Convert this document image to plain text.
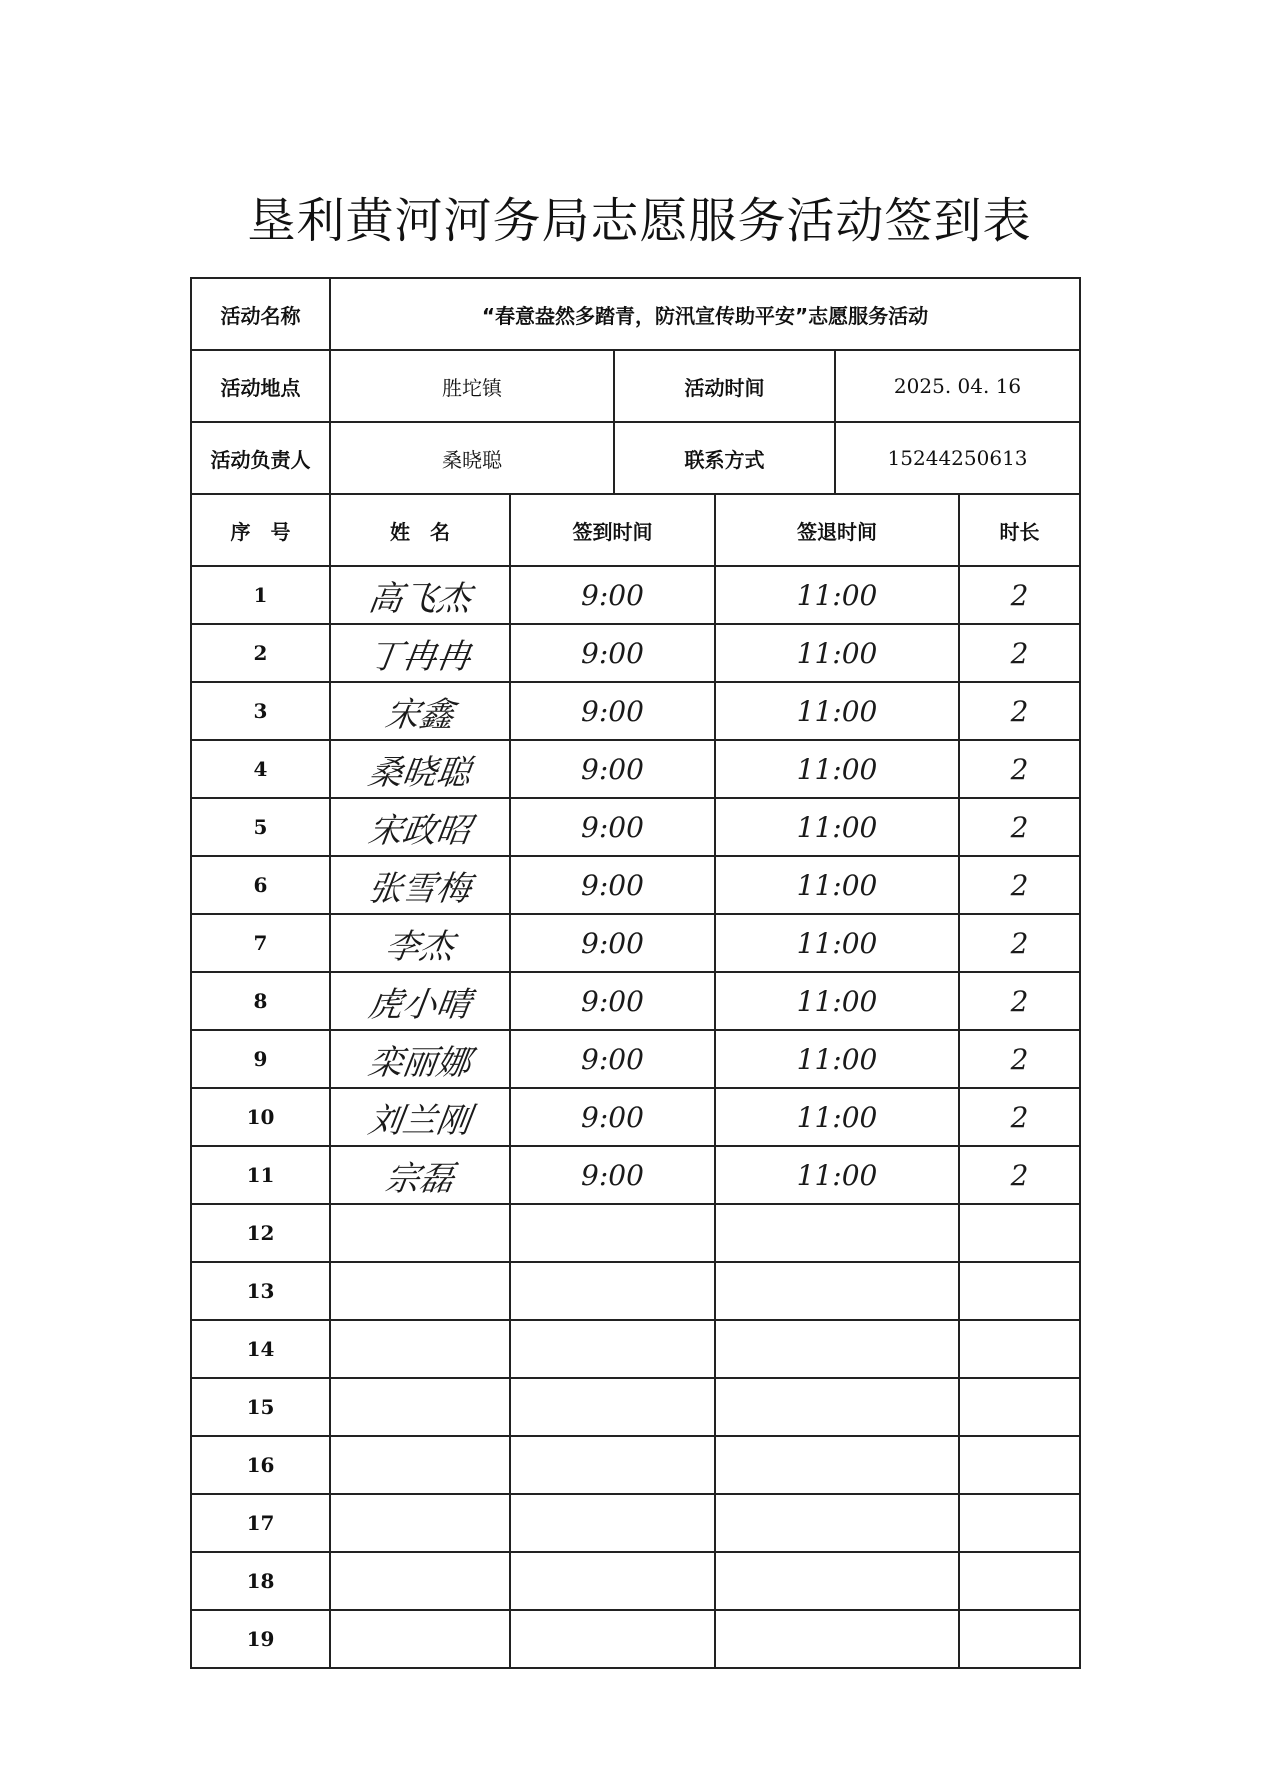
垦利黄河河务局志愿服务活动签到表
活动名称	“春意盎然多踏青，防汛宣传助平安”志愿服务活动					
活动地点	胜坨镇		活动时间		2025. 04. 16	
活动负责人	桑晓聪		联系方式		15244250613	
序　号	姓　名	签到时间		签退时间		时长
1	高飞杰	9:00		11:00		2
2	丁冉冉	9:00		11:00		2
3	宋鑫	9:00		11:00		2
4	桑晓聪	9:00		11:00		2
5	宋政昭	9:00		11:00		2
6	张雪梅	9:00		11:00		2
7	李杰	9:00		11:00		2
8	虎小晴	9:00		11:00		2
9	栾丽娜	9:00		11:00		2
10	刘兰刚	9:00		11:00		2
11	宗磊	9:00		11:00		2
12						
13						
14						
15						
16						
17						
18						
19						
